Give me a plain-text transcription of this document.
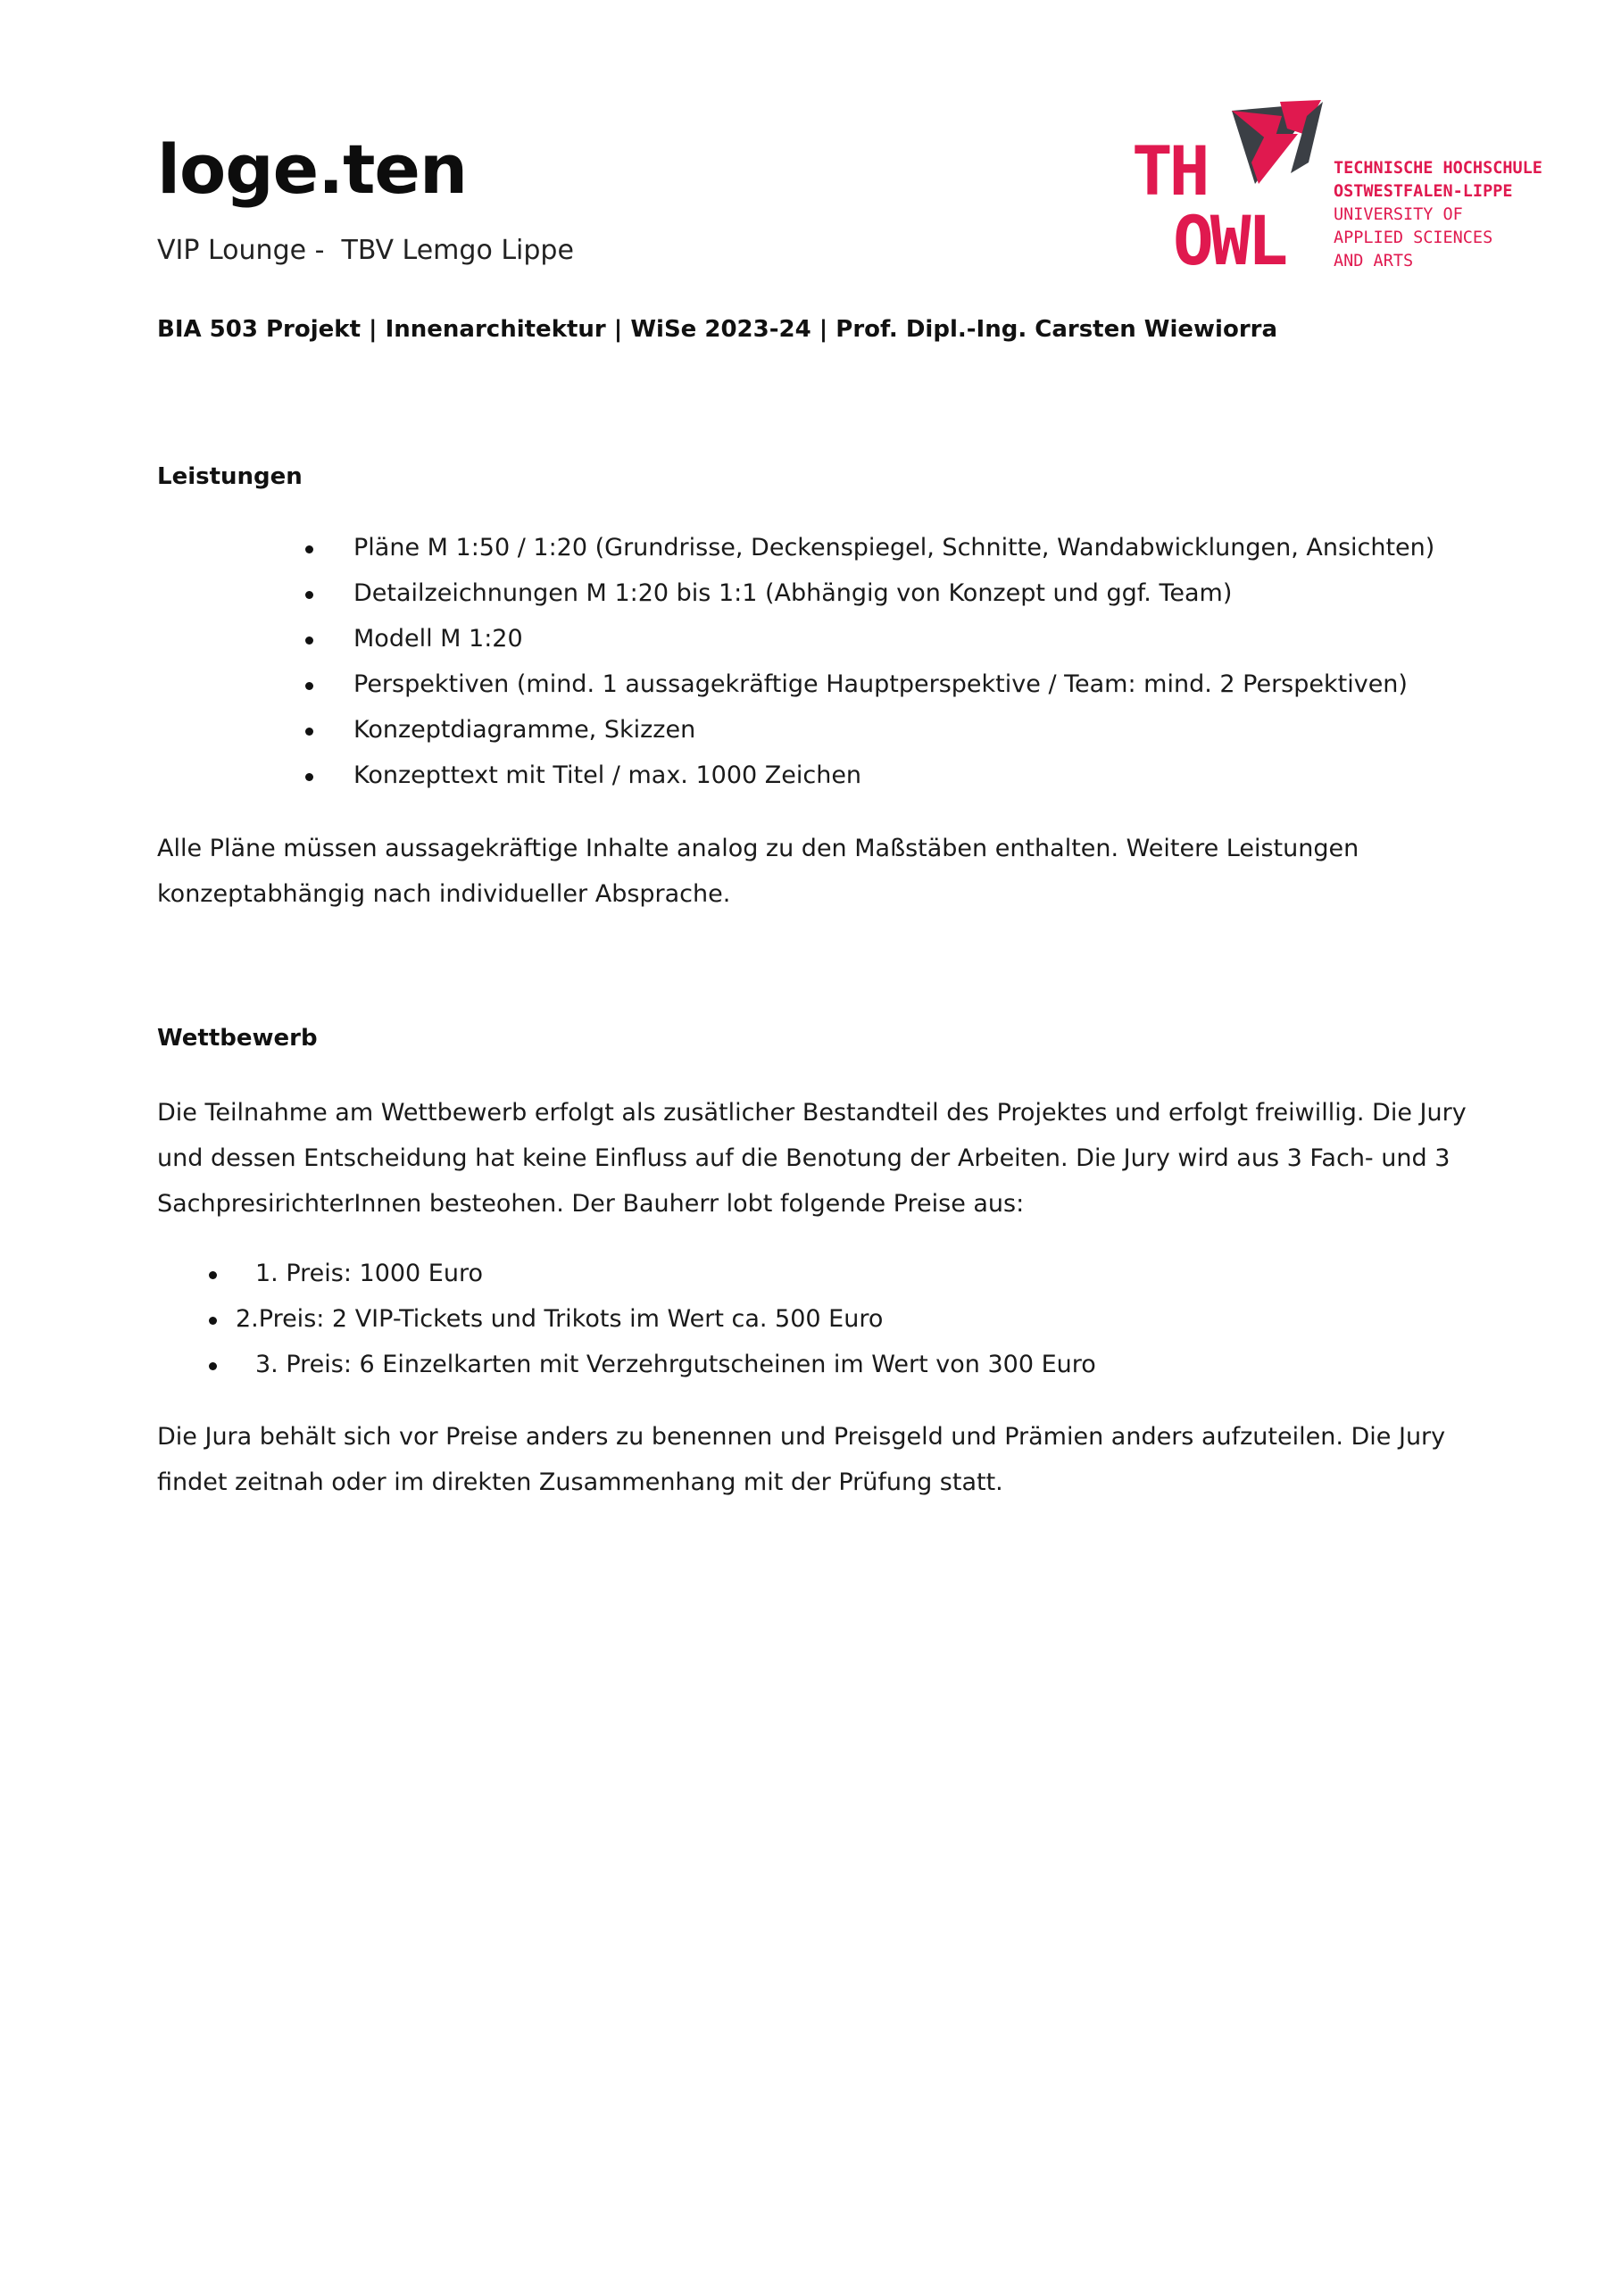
loge.ten
VIP Lounge -  TBV Lemgo Lippe
BIA 503 Projekt | Innenarchitektur | WiSe 2023-24 | Prof. Dipl.-Ing. Carsten Wiewiorra
TH
OWL
TECHNISCHE HOCHSCHULE
OSTWESTFALEN-LIPPE
UNIVERSITY OF
APPLIED SCIENCES
AND ARTS
Leistungen
Pläne M 1:50 / 1:20 (Grundrisse, Deckenspiegel, Schnitte, Wandabwicklungen, Ansichten)
Detailzeichnungen M 1:20 bis 1:1 (Abhängig von Konzept und ggf. Team)
Modell M 1:20
Perspektiven (mind. 1 aussagekräftige Hauptperspektive / Team: mind. 2 Perspektiven)
Konzeptdiagramme, Skizzen
Konzepttext mit Titel / max. 1000 Zeichen
Alle Pläne müssen aussagekräftige Inhalte analog zu den Maßstäben enthalten. Weitere Leistungen
konzeptabhängig nach individueller Absprache.
Wettbewerb
Die Teilnahme am Wettbewerb erfolgt als zusätlicher Bestandteil des Projektes und erfolgt freiwillig. Die Jury
und dessen Entscheidung hat keine Einfluss auf die Benotung der Arbeiten. Die Jury wird aus 3 Fach- und 3
SachpresirichterInnen besteohen. Der Bauherr lobt folgende Preise aus:
1. Preis: 1000 Euro
2.Preis: 2 VIP-Tickets und Trikots im Wert ca. 500 Euro
3. Preis: 6 Einzelkarten mit Verzehrgutscheinen im Wert von 300 Euro
Die Jura behält sich vor Preise anders zu benennen und Preisgeld und Prämien anders aufzuteilen. Die Jury
findet zeitnah oder im direkten Zusammenhang mit der Prüfung statt.
